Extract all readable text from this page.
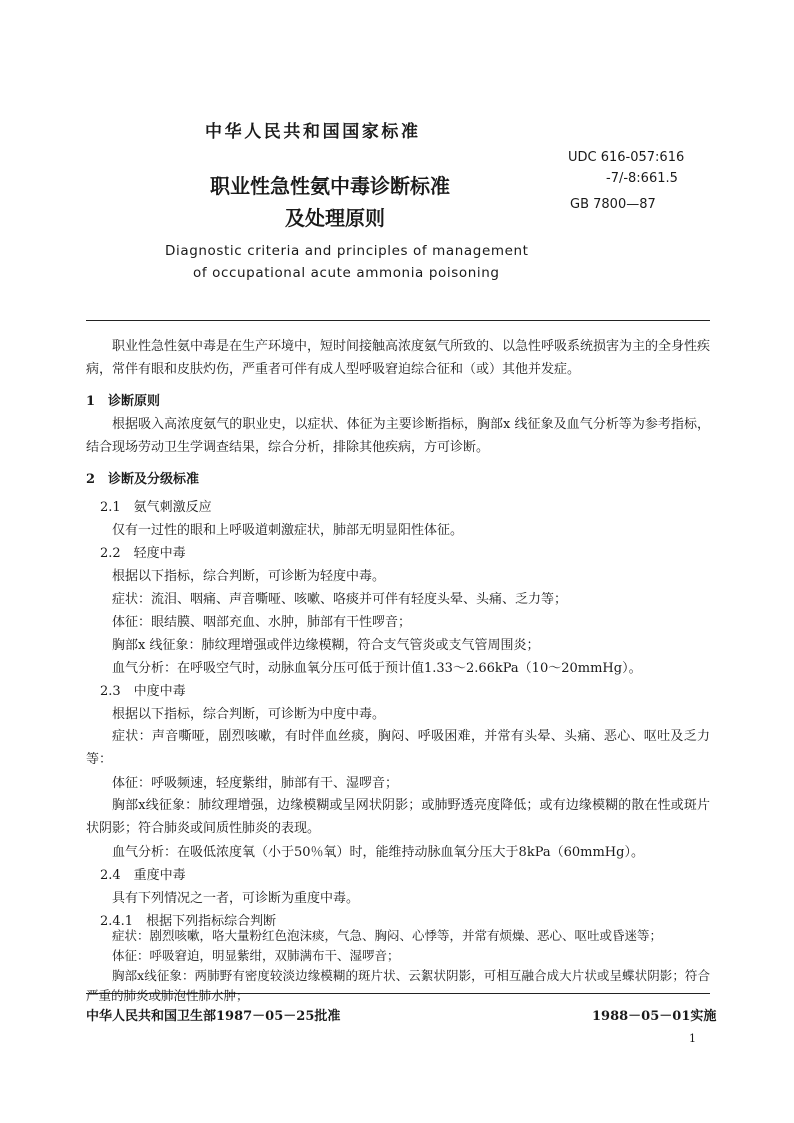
中华人民共和国国家标准
职业性急性氨中毒诊断标准
及处理原则
Diagnostic criteria and principles of management
of occupational acute ammonia poisoning
UDC 616-057:616
-7/-8:661.5
GB 7800—87
职业性急性氨中毒是在生产环境中，短时间接触高浓度氨气所致的、以急性呼吸系统损害为主的全身性疾病，常伴有眼和皮肤灼伤，严重者可伴有成人型呼吸窘迫综合征和（或）其他并发症。
1　诊断原则
根据吸入高浓度氨气的职业史，以症状、体征为主要诊断指标，胸部x 线征象及血气分析等为参考指标，结合现场劳动卫生学调查结果，综合分析，排除其他疾病，方可诊断。
2　诊断及分级标准
2.1　氨气刺激反应
仅有一过性的眼和上呼吸道刺激症状，肺部无明显阳性体征。
2.2　轻度中毒
根据以下指标，综合判断，可诊断为轻度中毒。
症状：流泪、咽痛、声音嘶哑、咳嗽、咯痰并可伴有轻度头晕、头痛、乏力等；
体征：眼结膜、咽部充血、水肿，肺部有干性啰音；
胸部x 线征象：肺纹理增强或伴边缘模糊，符合支气管炎或支气管周围炎；
血气分析：在呼吸空气时，动脉血氧分压可低于预计值1.33～2.66kPa（10～20mmHg）。
2.3　中度中毒
根据以下指标，综合判断，可诊断为中度中毒。
症状：声音嘶哑，剧烈咳嗽，有时伴血丝痰，胸闷、呼吸困难，并常有头晕、头痛、恶心、呕吐及乏力等：
体征：呼吸频速，轻度紫绀，肺部有干、湿啰音；
胸部x线征象：肺纹理增强，边缘模糊或呈网状阴影；或肺野透亮度降低；或有边缘模糊的散在性或斑片状阴影；符合肺炎或间质性肺炎的表现。
血气分析：在吸低浓度氧（小于50％氧）时，能维持动脉血氧分压大于8kPa（60mmHg）。
2.4　重度中毒
具有下列情况之一者，可诊断为重度中毒。
2.4.1　根据下列指标综合判断
症状：剧烈咳嗽，咯大量粉红色泡沫痰，气急、胸闷、心悸等，并常有烦燥、恶心、呕吐或昏迷等；
中华人民共和国卫生部1987－05－25批准	1988－05－01实施
1
体征：呼吸窘迫，明显紫绀，双肺满布干、湿啰音；
胸部x线征象：两肺野有密度较淡边缘模糊的斑片状、云絮状阴影，可相互融合成大片状或呈蝶状阴影；符合严重的肺炎或肺泡性肺水肿；
